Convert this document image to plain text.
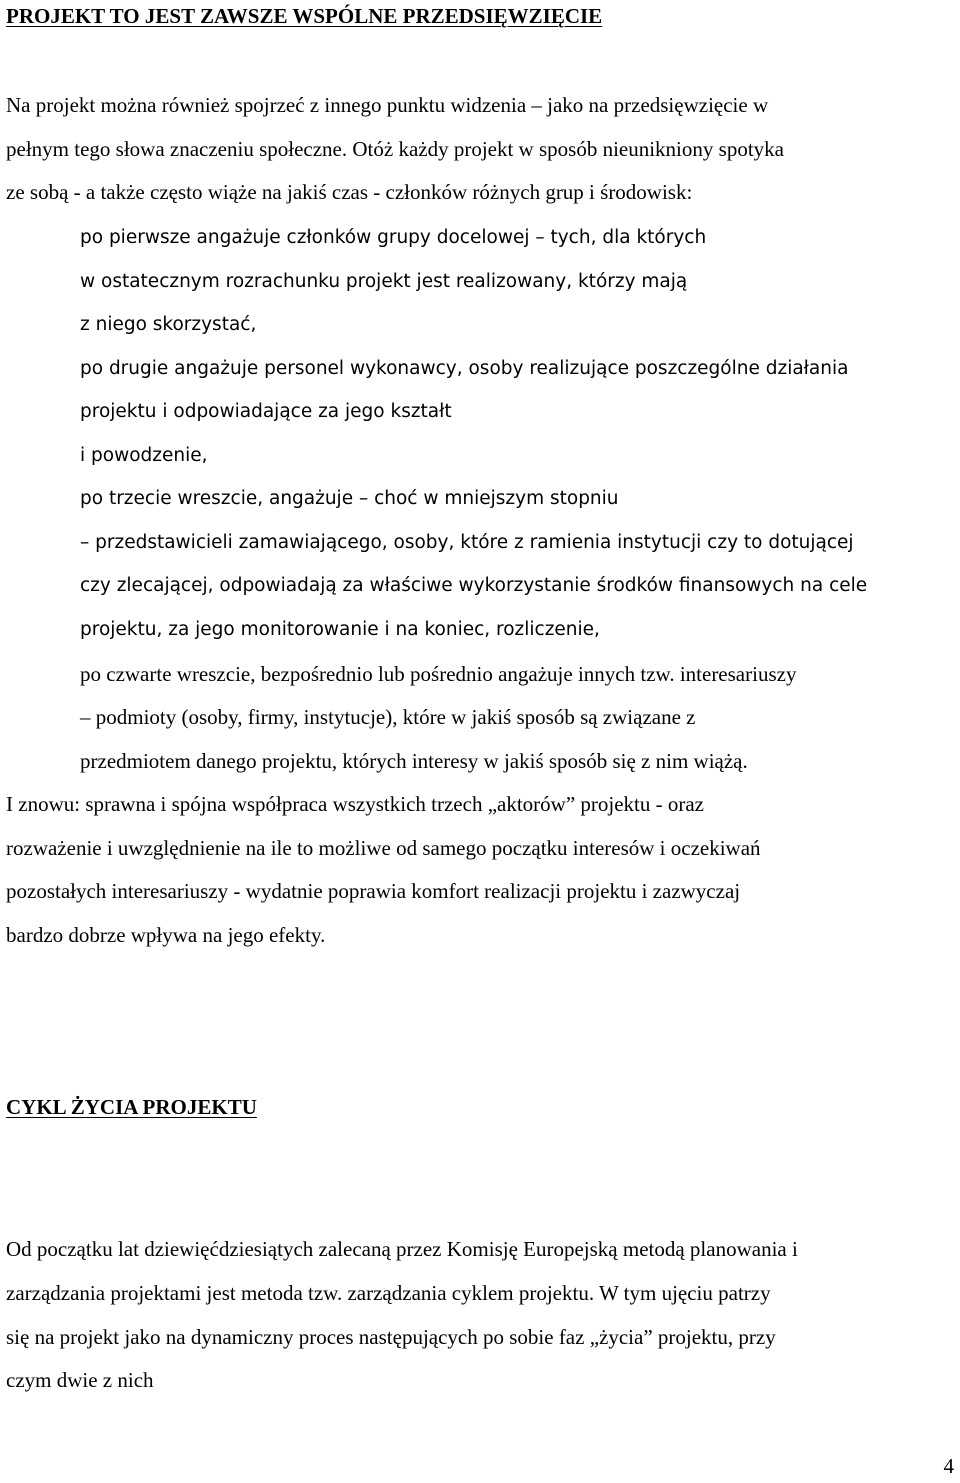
PROJEKT TO JEST ZAWSZE WSPÓLNE PRZEDSIĘWZIĘCIE

Na projekt można również spojrzeć z innego punktu widzenia – jako na przedsięwzięcie w

pełnym tego słowa znaczeniu społeczne. Otóż każdy projekt w sposób nieunikniony spotyka

ze sobą - a także często wiąże na jakiś czas - członków różnych grup i środowisk:

po pierwsze angażuje członków grupy docelowej – tych, dla których

w ostatecznym rozrachunku projekt jest realizowany, którzy mają

z niego skorzystać,

po drugie angażuje personel wykonawcy, osoby realizujące poszczególne działania

projektu i odpowiadające za jego kształt

i powodzenie,

po trzecie wreszcie, angażuje – choć w mniejszym stopniu

– przedstawicieli zamawiającego, osoby, które z ramienia instytucji czy to dotującej

czy zlecającej, odpowiadają za właściwe wykorzystanie środków finansowych na cele

projektu, za jego monitorowanie i na koniec, rozliczenie,

po czwarte wreszcie, bezpośrednio lub pośrednio angażuje innych tzw. interesariuszy

– podmioty (osoby, firmy, instytucje), które w jakiś sposób są związane z

przedmiotem danego projektu, których interesy w jakiś sposób się z nim wiążą.

I znowu: sprawna i spójna współpraca wszystkich trzech „aktorów” projektu - oraz

rozważenie i uwzględnienie na ile to możliwe od samego początku interesów i oczekiwań

pozostałych interesariuszy - wydatnie poprawia komfort realizacji projektu i zazwyczaj

bardzo dobrze wpływa na jego efekty.

CYKL ŻYCIA PROJEKTU

Od początku lat dziewięćdziesiątych zalecaną przez Komisję Europejską metodą planowania i

zarządzania projektami jest metoda tzw. zarządzania cyklem projektu. W tym ujęciu patrzy

się na projekt jako na dynamiczny proces następujących po sobie faz „życia” projektu, przy

czym dwie z nich

4
